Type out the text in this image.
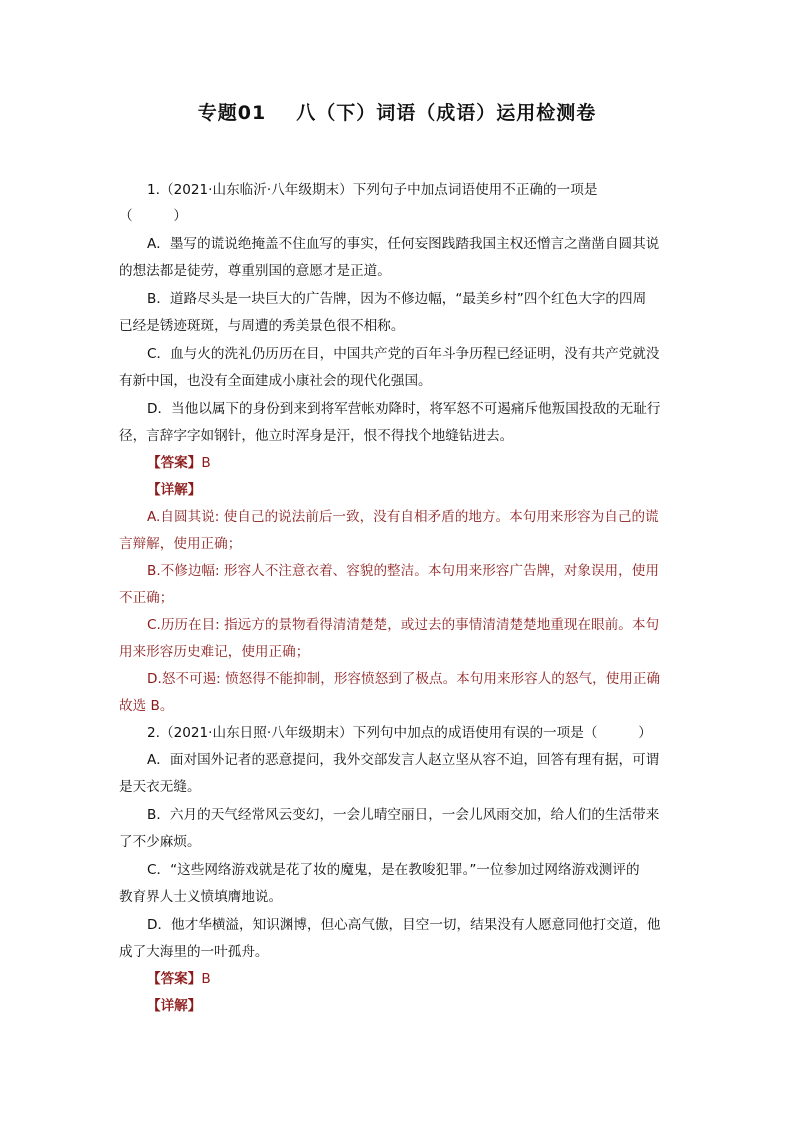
专题01 八（下）词语（成语）运用检测卷
1.（2021·山东临沂·八年级期末）下列句子中加点词语使用不正确的一项是
（　　　）
A．墨写的谎说绝掩盖不住血写的事实，任何妄图践踏我国主权还憎言之凿凿自圆其说
的想法都是徒劳，尊重别国的意愿才是正道。
B．道路尽头是一块巨大的广告牌，因为不修边幅，“最美乡村”四个红色大字的四周
已经是锈迹斑斑，与周遭的秀美景色很不相称。
C．血与火的洗礼仍历历在目，中国共产党的百年斗争历程已经证明，没有共产党就没
有新中国，也没有全面建成小康社会的现代化强国。
D．当他以属下的身份到来到将军营帐劝降时，将军怒不可遏痛斥他叛国投敌的无耻行
径，言辞字字如钢针，他立时浑身是汗，恨不得找个地缝钻进去。
【答案】B
【详解】
A.自圆其说: 使自己的说法前后一致，没有自相矛盾的地方。本句用来形容为自己的谎
言辩解，使用正确；
B.不修边幅: 形容人不注意衣着、容貌的整洁。本句用来形容广告牌，对象误用，使用
不正确；
C.历历在目: 指远方的景物看得清清楚楚，或过去的事情清清楚楚地重现在眼前。本句
用来形容历史难记，使用正确；
D.怒不可遏: 愤怒得不能抑制，形容愤怒到了极点。本句用来形容人的怒气，使用正确
故选 B。
2.（2021·山东日照·八年级期末）下列句中加点的成语使用有误的一项是（　　　）
A．面对国外记者的恶意提问，我外交部发言人赵立坚从容不迫，回答有理有据，可谓
是天衣无缝。
B．六月的天气经常风云变幻，一会儿晴空丽日，一会儿风雨交加，给人们的生活带来
了不少麻烦。
C．“这些网络游戏就是花了妆的魔鬼，是在教唆犯罪。”一位参加过网络游戏测评的
教育界人士义愤填膺地说。
D．他才华横溢，知识渊博，但心高气傲，目空一切，结果没有人愿意同他打交道，他
成了大海里的一叶孤舟。
【答案】B
【详解】
